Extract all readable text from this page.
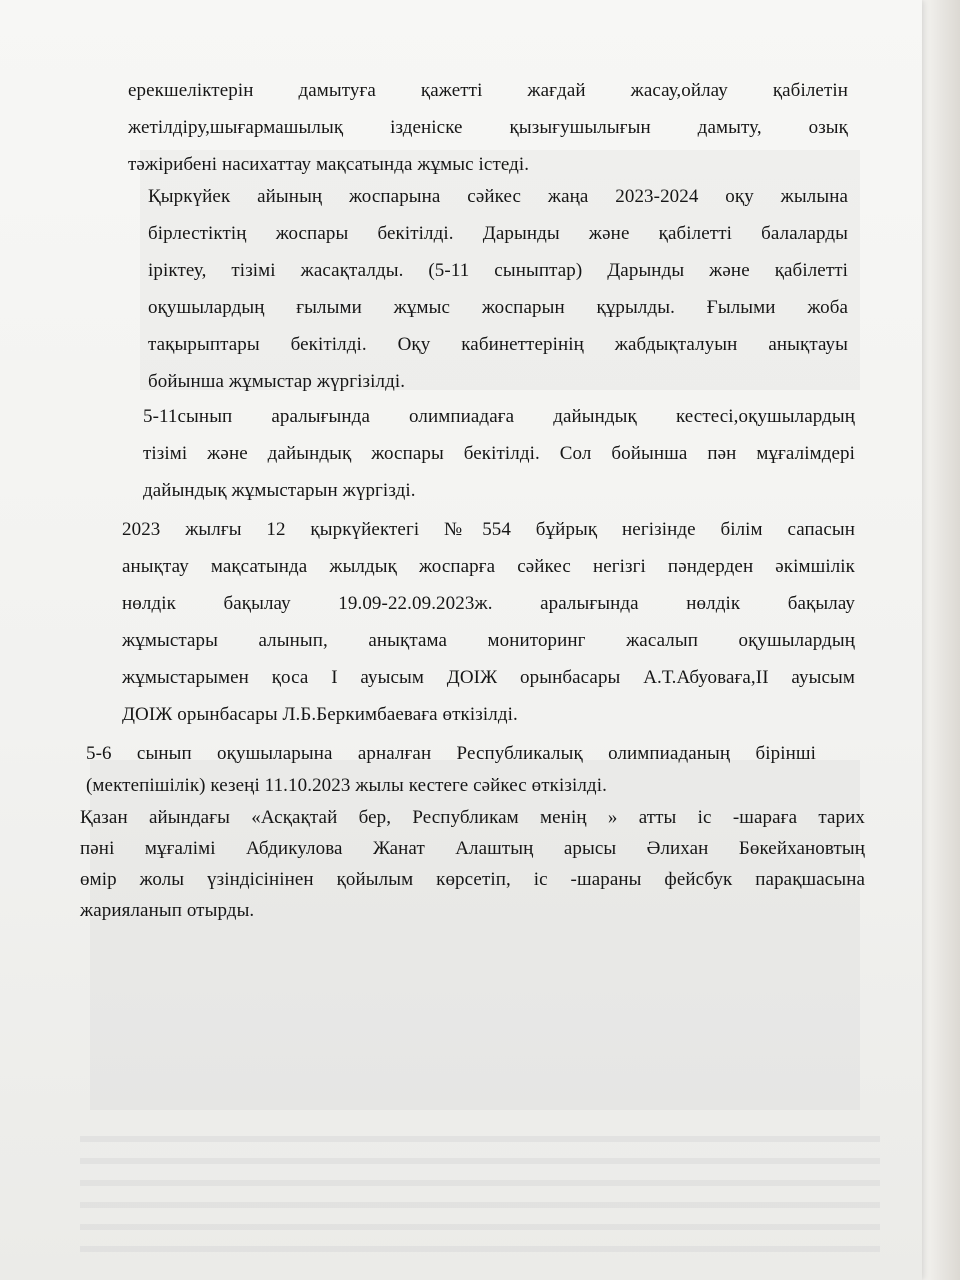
ерекшеліктерін дамытуға қажетті жағдай жасау,ойлау қабілетін
жетілдіру,шығармашылық ізденіске қызығушылығын дамыту, озық
тәжірибені насихаттау мақсатында жұмыс істеді.
Қыркүйек айының жоспарына сәйкес жаңа 2023-2024 оқу жылына
бірлестіктің жоспары бекітілді. Дарынды және қабілетті балаларды
іріктеу, тізімі жасақталды. (5-11 сыныптар) Дарынды және қабілетті
оқушылардың ғылыми жұмыс жоспарын құрылды. Ғылыми жоба
тақырыптары бекітілді. Оқу кабинеттерінің жабдықталуын анықтауы
бойынша жұмыстар жүргізілді.
5-11сынып аралығында олимпиадаға дайындық кестесі,оқушылардың
тізімі және дайындық жоспары бекітілді. Сол бойынша пән мұғалімдері
дайындық жұмыстарын жүргізді.
2023 жылғы 12 қыркүйектегі №554 бұйрық негізінде білім сапасын
анықтау мақсатында жылдық жоспарға сәйкес негізгі пәндерден әкімшілік
нөлдік бақылау 19.09-22.09.2023ж. аралығында нөлдік бақылау
жұмыстары алынып, анықтама мониторинг жасалып оқушылардың
жұмыстарымен қоса І ауысым ДОІЖ орынбасары А.Т.Абуоваға,ІІ ауысым
ДОІЖ орынбасары Л.Б.Беркимбаеваға өткізілді.
5-6 сынып оқушыларына арналған Республикалық олимпиаданың бірінші
(мектепішілік) кезеңі 11.10.2023 жылы кестеге сәйкес өткізілді.
Қазан айындағы «Асқақтай бер, Республикам менің » атты іс -шараға тарих
пәні мұғалімі Абдикулова Жанат Алаштың арысы Әлихан Бөкейхановтың
өмір жолы үзіндісінінен қойылым көрсетіп, іс -шараны фейсбук парақшасына
жарияланып отырды.
